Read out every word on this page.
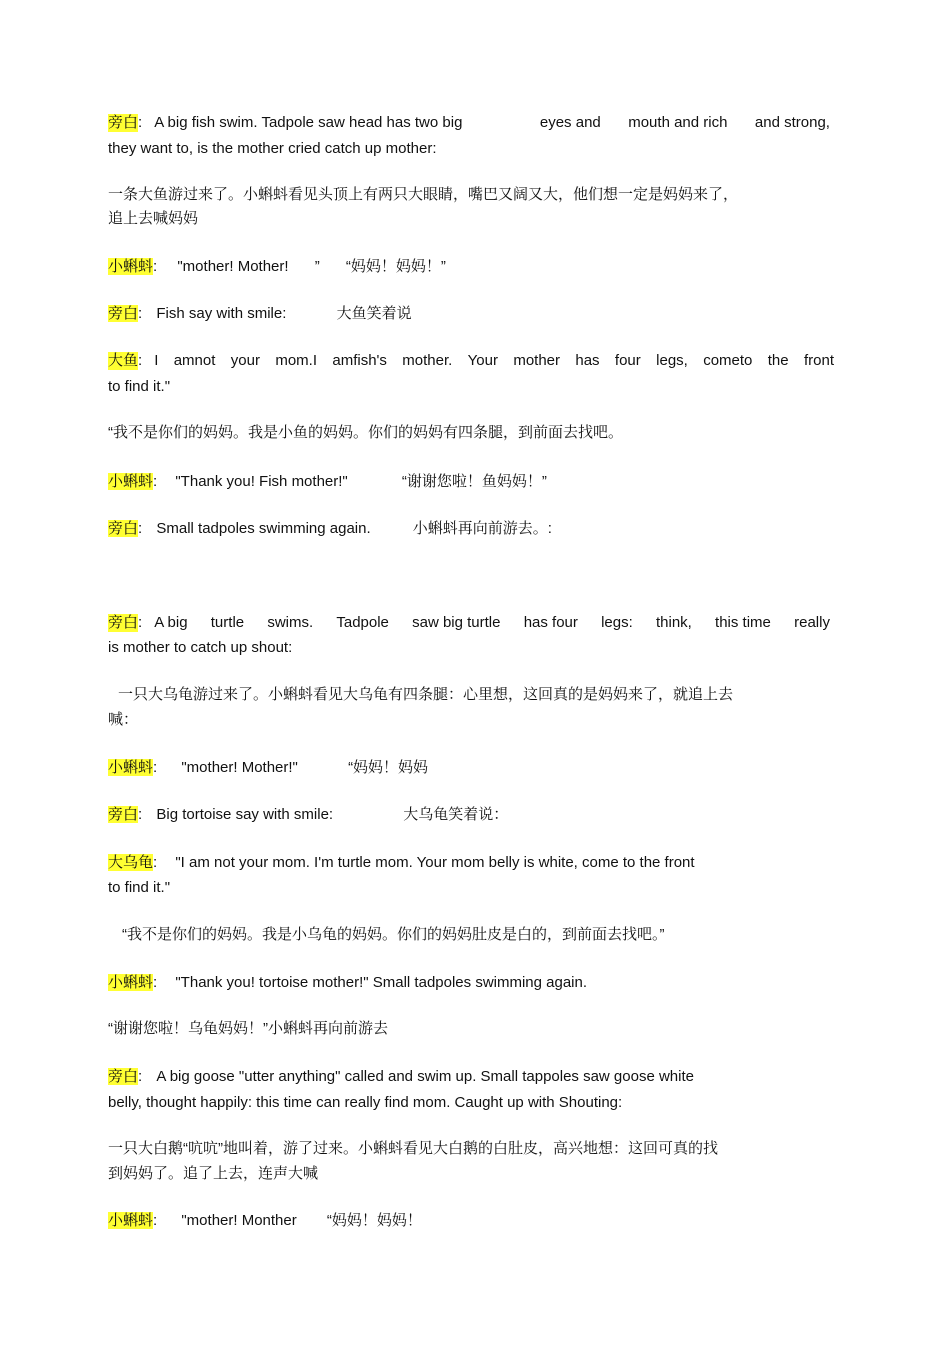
旁白 : A big fish swim. Tadpole saw head has two big	eyes and mouth and rich and strong,
they want to, is the mother cried catch up mother:
一条大鱼游过来了。小蝌蚪看见头顶上有两只大眼睛，嘴巴又阔又大，他们想一定是妈妈来了，
追上去喊妈妈
小蝌蚪: "mother! Mother! ” “妈妈！妈妈！”
旁白: Fish say with smile:	大鱼笑着说
大鱼 : I amnot your mom.I amfish's mother. Your mother has four legs, cometo the front
to find it."
“我不是你们的妈妈。我是小鱼的妈妈。你们的妈妈有四条腿，到前面去找吧。
小蝌蚪: "Thank you! Fish mother!"	“谢谢您啦！鱼妈妈！”
旁白: Small tadpoles swimming again.	小蝌蚪再向前游去。:
旁白 : A big turtle swims. Tadpole saw big turtle has four legs: think, this time really
is mother to catch up shout:
一只大乌龟游过来了。小蝌蚪看见大乌龟有四条腿：心里想，这回真的是妈妈来了，就追上去
喊：
小蝌蚪: "mother! Mother!"	“妈妈！妈妈
旁白: Big tortoise say with smile:	大乌龟笑着说：
大乌龟: "I am not your mom. I'm turtle mom. Your mom belly is white, come to the front
to find it."
“我不是你们的妈妈。我是小乌龟的妈妈。你们的妈妈肚皮是白的，到前面去找吧。”
小蝌蚪: "Thank you! tortoise mother!" Small tadpoles swimming again.
“谢谢您啦！乌龟妈妈！”小蝌蚪再向前游去
旁白: A big goose "utter anything" called and swim up. Small tappoles saw goose white
belly, thought happily: this time can really find mom. Caught up with Shouting:
一只大白鹅“吭吭”地叫着，游了过来。小蝌蚪看见大白鹅的白肚皮，高兴地想：这回可真的找
到妈妈了。追了上去，连声大喊
小蝌蚪: "mother! Monther “妈妈！妈妈！
